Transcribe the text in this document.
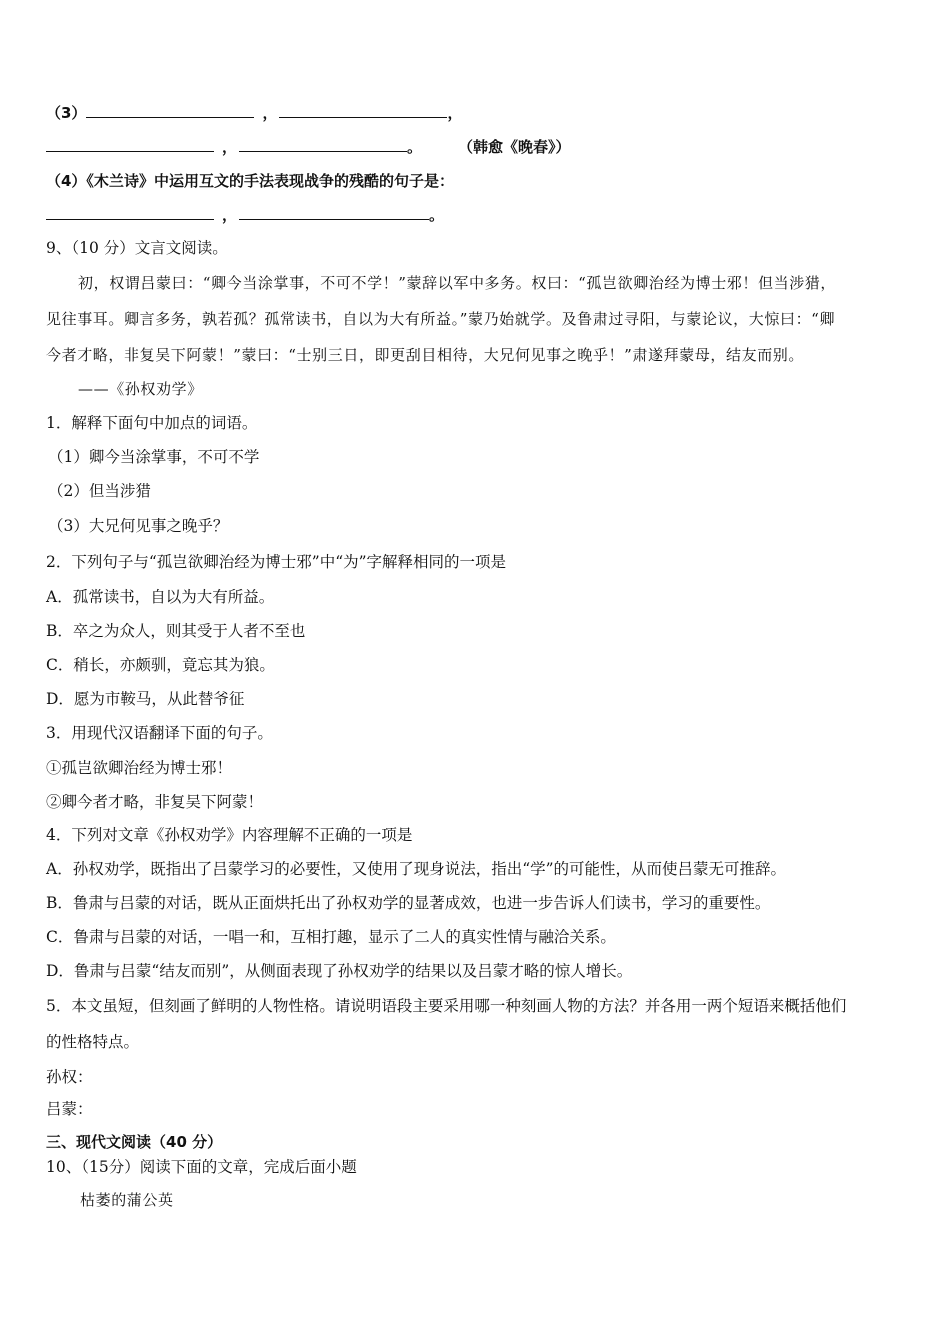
（3）	，	，
，	。 （韩愈《晚春》）
（4）《木兰诗》中运用互文的手法表现战争的残酷的句子是：
，	。
9、（10 分）文言文阅读。
初，权谓吕蒙曰：“卿今当涂掌事，不可不学！”蒙辞以军中多务。权曰：“孤岂欲卿治经为博士邪！但当涉猎，
见往事耳。卿言多务，孰若孤？孤常读书，自以为大有所益。”蒙乃始就学。及鲁肃过寻阳，与蒙论议，大惊曰：“卿
今者才略，非复吴下阿蒙！”蒙曰：“士别三日，即更刮目相待，大兄何见事之晚乎！”肃遂拜蒙母，结友而别。
——《孙权劝学》
1．解释下面句中加点的词语。
（1）卿今当涂掌事，不可不学
（2）但当涉猎
（3）大兄何见事之晚乎？
2．下列句子与“孤岂欲卿治经为博士邪”中“为”字解释相同的一项是
A．孤常读书，自以为大有所益。
B．卒之为众人，则其受于人者不至也
C．稍长，亦颇驯，竟忘其为狼。
D．愿为市鞍马，从此替爷征
3．用现代汉语翻译下面的句子。
①孤岂欲卿治经为博士邪！
②卿今者才略，非复吴下阿蒙！
4．下列对文章《孙权劝学》内容理解不正确的一项是
A．孙权劝学，既指出了吕蒙学习的必要性，又使用了现身说法，指出“学”的可能性，从而使吕蒙无可推辞。
B．鲁肃与吕蒙的对话，既从正面烘托出了孙权劝学的显著成效，也进一步告诉人们读书，学习的重要性。
C．鲁肃与吕蒙的对话，一唱一和，互相打趣，显示了二人的真实性情与融洽关系。
D．鲁肃与吕蒙“结友而别”，从侧面表现了孙权劝学的结果以及吕蒙才略的惊人增长。
5．本文虽短，但刻画了鲜明的人物性格。请说明语段主要采用哪一种刻画人物的方法？并各用一两个短语来概括他们
的性格特点。
孙权：
吕蒙：
三、现代文阅读（40 分）
10、（15分）阅读下面的文章，完成后面小题
枯萎的蒲公英
